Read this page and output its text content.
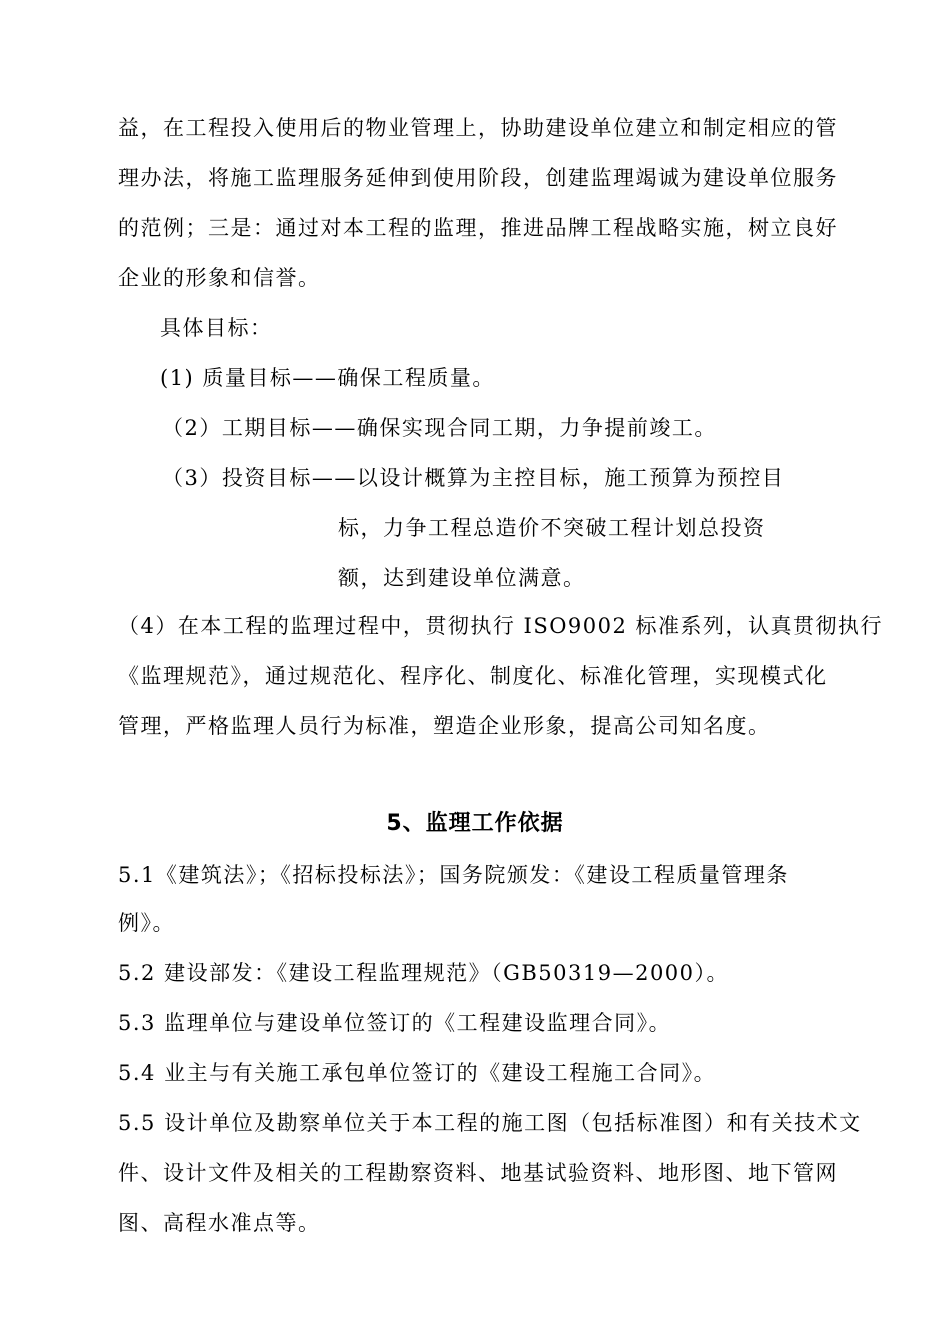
益，在工程投入使用后的物业管理上，协助建设单位建立和制定相应的管
理办法，将施工监理服务延伸到使用阶段，创建监理竭诚为建设单位服务
的范例；三是：通过对本工程的监理，推进品牌工程战略实施，树立良好
企业的形象和信誉。
具体目标：
(1) 质量目标——确保工程质量。
（2）工期目标——确保实现合同工期，力争提前竣工。
（3）投资目标——以设计概算为主控目标，施工预算为预控目
标，力争工程总造价不突破工程计划总投资
额，达到建设单位满意。
（4）在本工程的监理过程中，贯彻执行 ISO9002 标准系列，认真贯彻执行
《监理规范》，通过规范化、程序化、制度化、标准化管理，实现模式化
管理，严格监理人员行为标准，塑造企业形象，提高公司知名度。
5、监理工作依据
5.1《建筑法》；《招标投标法》；国务院颁发：《建设工程质量管理条
例》。
5.2 建设部发：《建设工程监理规范》（GB50319—2000）。
5.3 监理单位与建设单位签订的《工程建设监理合同》。
5.4 业主与有关施工承包单位签订的《建设工程施工合同》。
5.5 设计单位及勘察单位关于本工程的施工图（包括标准图）和有关技术文
件、设计文件及相关的工程勘察资料、地基试验资料、地形图、地下管网
图、高程水准点等。
